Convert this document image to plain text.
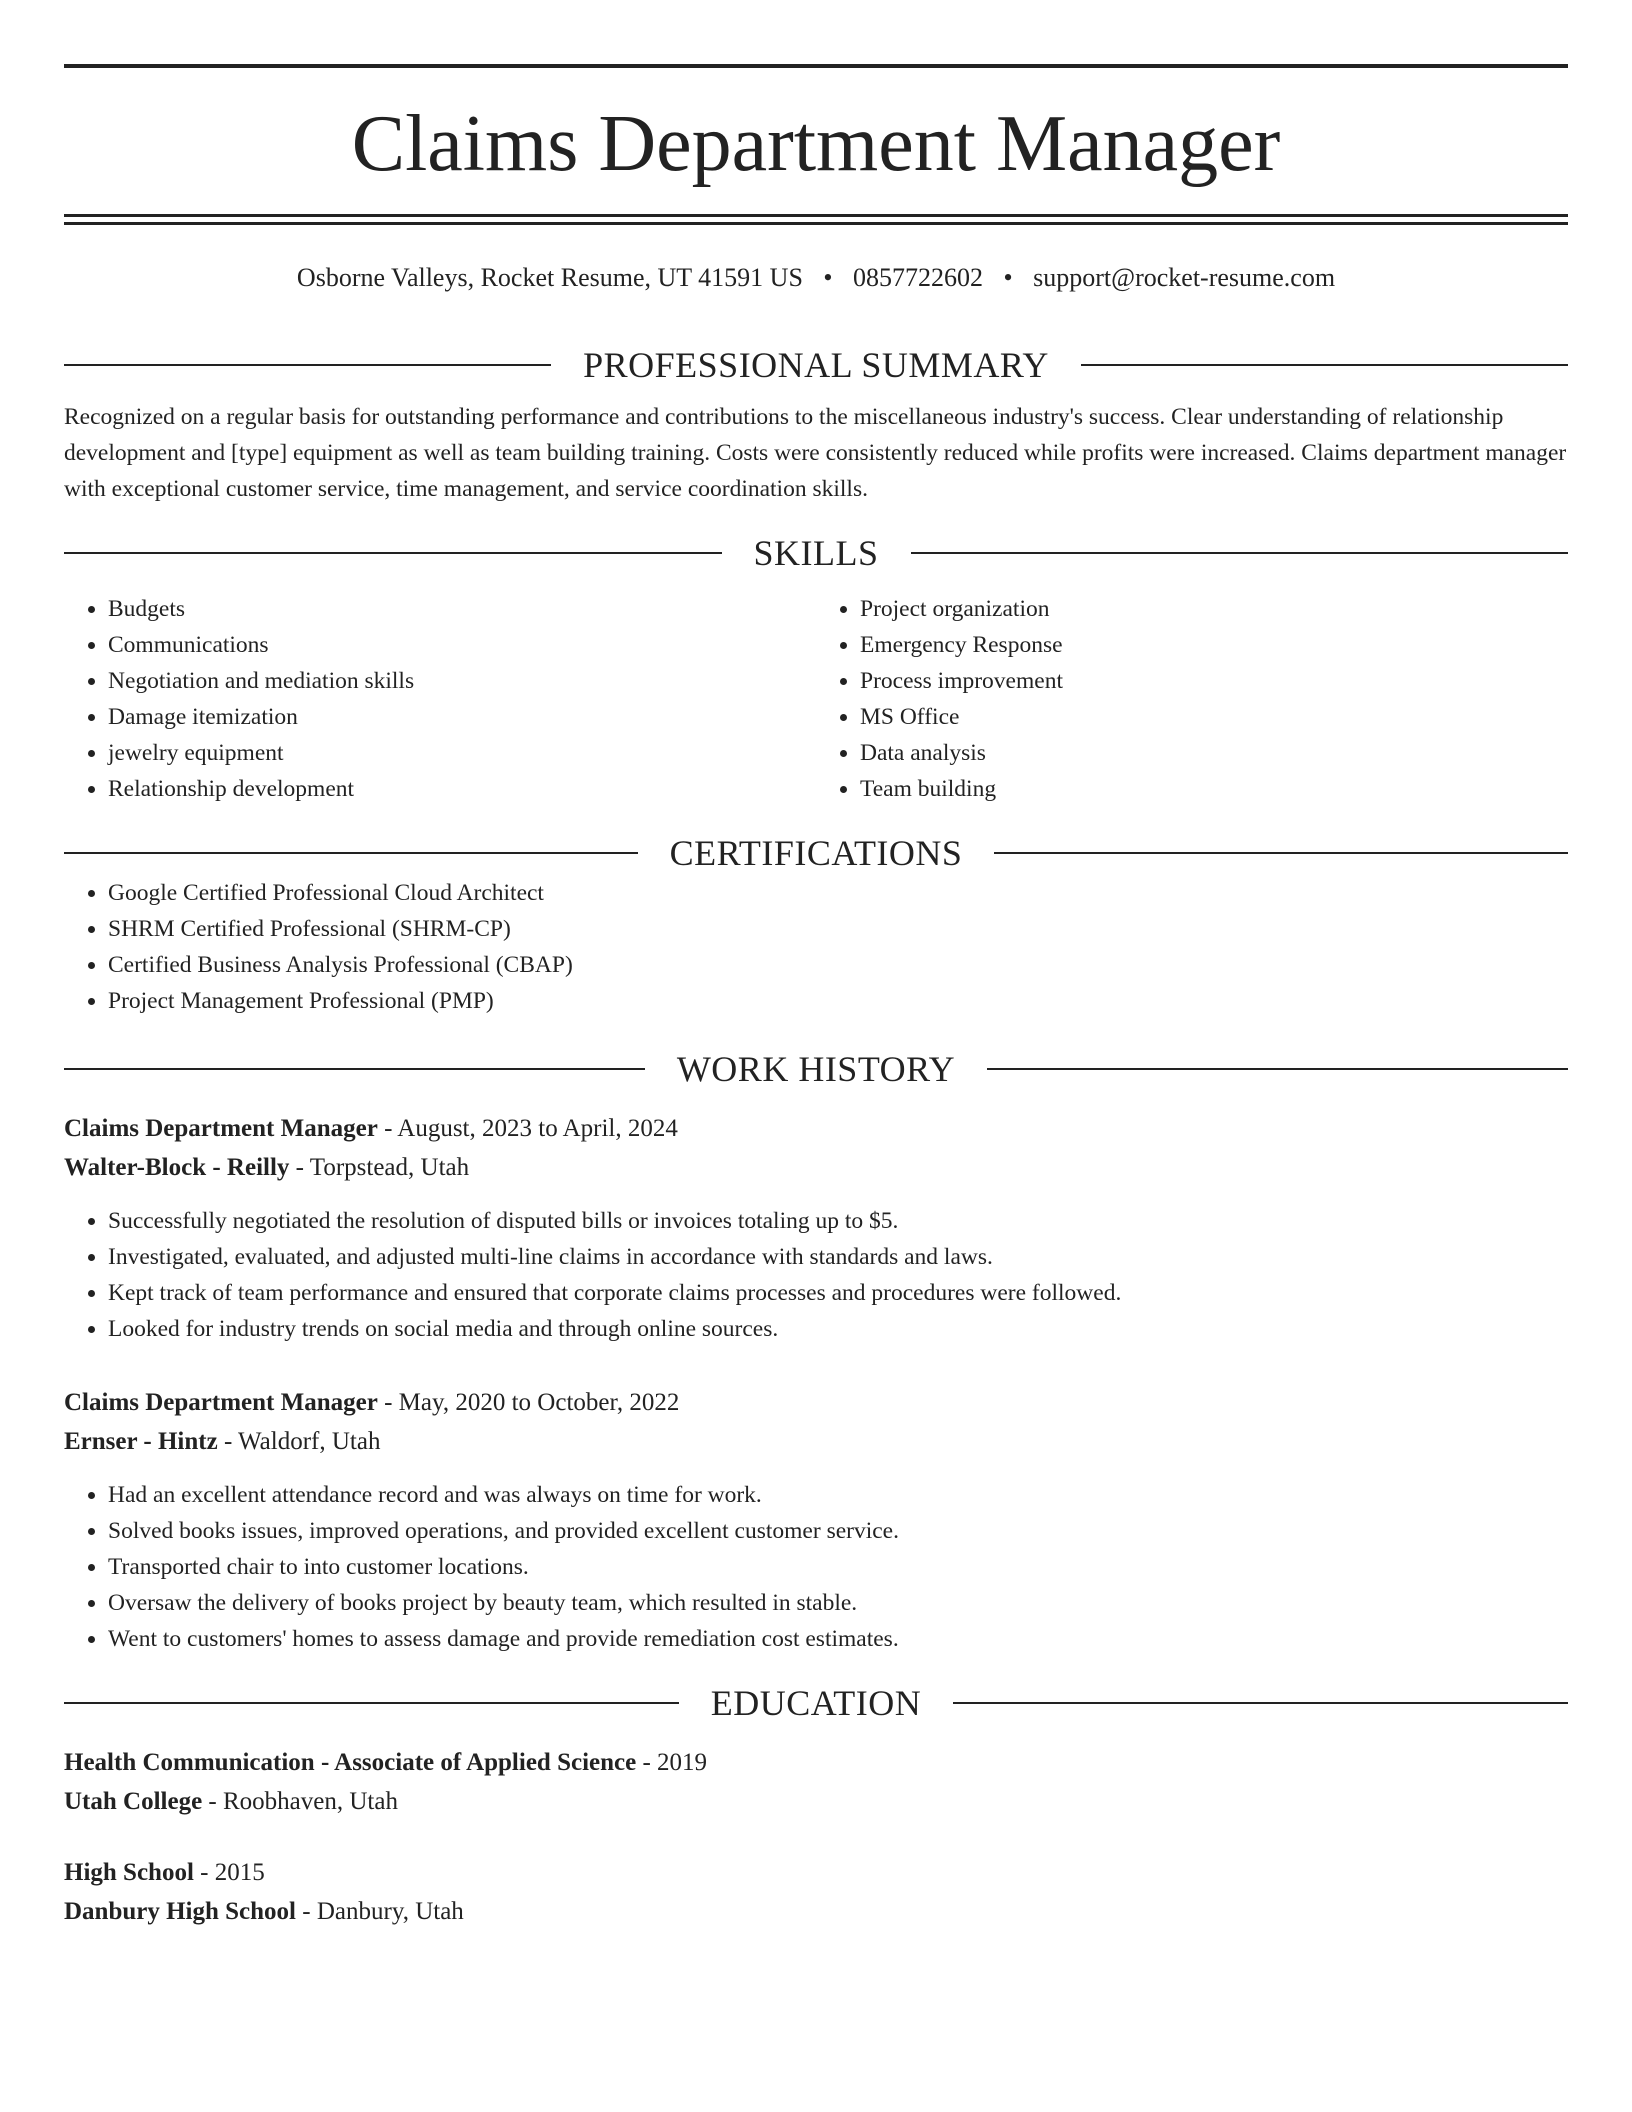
Claims Department Manager
Osborne Valleys, Rocket Resume, UT 41591 US • 0857722602 • support@rocket-resume.com
PROFESSIONAL SUMMARY

Recognized on a regular basis for outstanding performance and contributions to the miscellaneous industry's success. Clear understanding of relationship development and [type] equipment as well as team building training. Costs were consistently reduced while profits were increased. Claims department manager with exceptional customer service, time management, and service coordination skills.

SKILLS
• Budgets
• Communications
• Negotiation and mediation skills
• Damage itemization
• jewelry equipment
• Relationship development
• Project organization
• Emergency Response
• Process improvement
• MS Office
• Data analysis
• Team building
CERTIFICATIONS
• Google Certified Professional Cloud Architect
• SHRM Certified Professional (SHRM-CP)
• Certified Business Analysis Professional (CBAP)
• Project Management Professional (PMP)
WORK HISTORY
Claims Department Manager - August, 2023 to April, 2024
Walter-Block - Reilly - Torpstead, Utah
• Successfully negotiated the resolution of disputed bills or invoices totaling up to $5.
• Investigated, evaluated, and adjusted multi-line claims in accordance with standards and laws.
• Kept track of team performance and ensured that corporate claims processes and procedures were followed.
• Looked for industry trends on social media and through online sources.
Claims Department Manager - May, 2020 to October, 2022
Ernser - Hintz - Waldorf, Utah
• Had an excellent attendance record and was always on time for work.
• Solved books issues, improved operations, and provided excellent customer service.
• Transported chair to into customer locations.
• Oversaw the delivery of books project by beauty team, which resulted in stable.
• Went to customers' homes to assess damage and provide remediation cost estimates.
EDUCATION
Health Communication - Associate of Applied Science - 2019
Utah College - Roobhaven, Utah
High School - 2015
Danbury High School - Danbury, Utah
